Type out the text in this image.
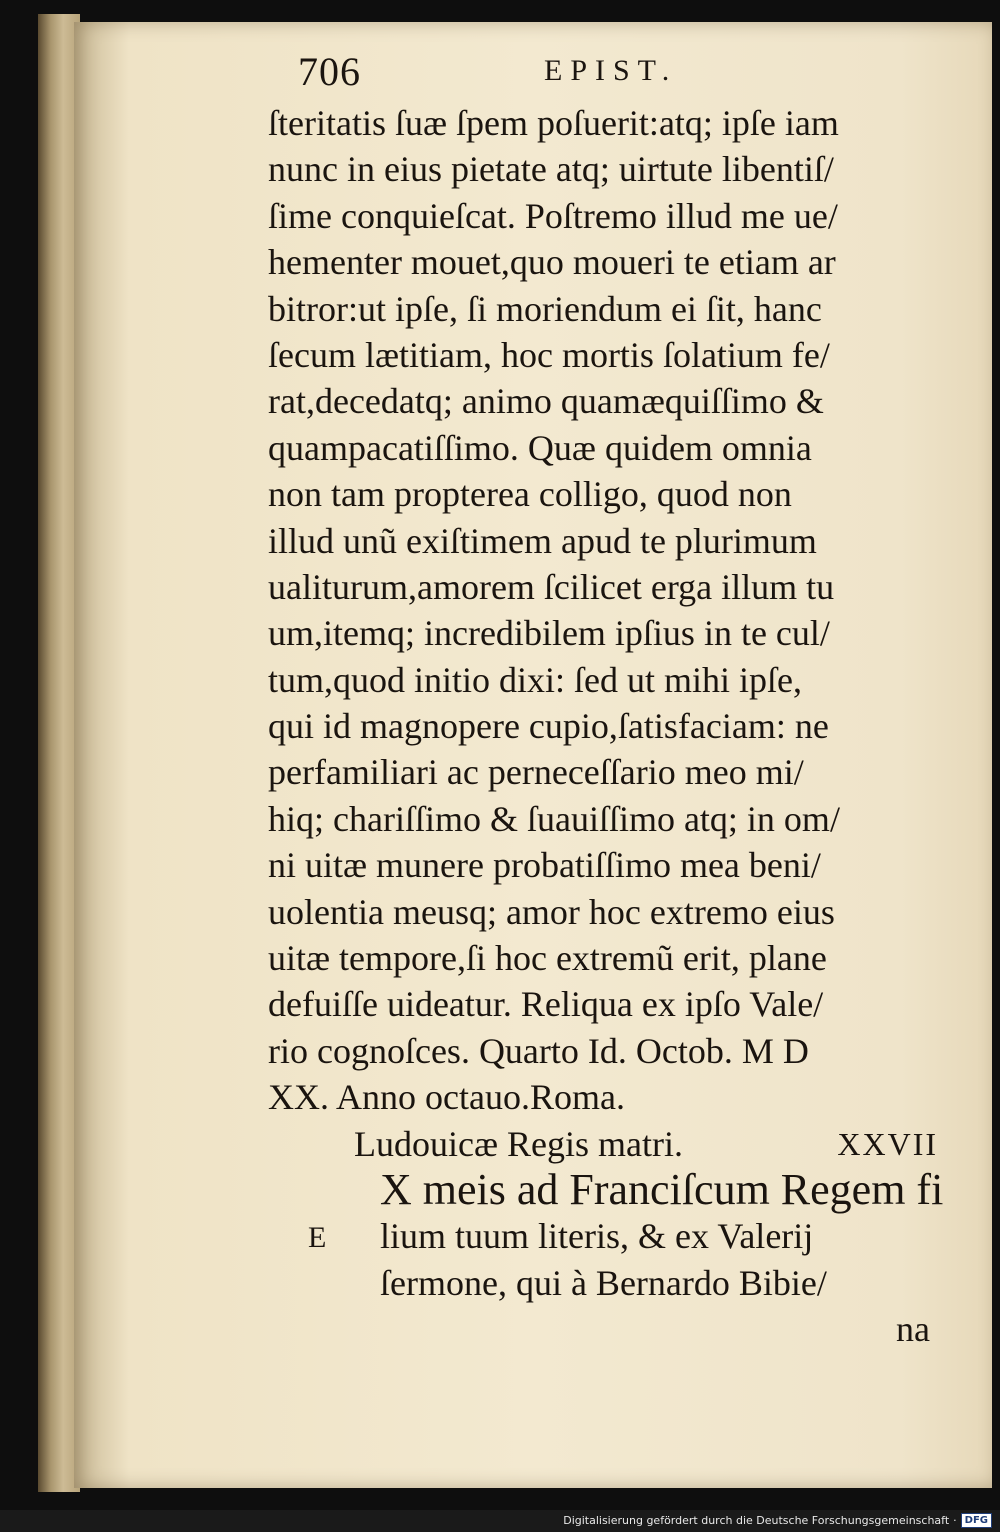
706	EPIST.
ſteritatis ſuæ ſpem poſuerit:atq; ipſe iam
nunc in eius pietate atq; uirtute libentiſ/
ſime conquieſcat. Poſtremo illud me ue/
hementer mouet,quo moueri te etiam ar
bitror:ut ipſe, ſi moriendum ei ſit, hanc
ſecum lætitiam, hoc mortis ſolatium fe/
rat,decedatq; animo quamæquiſſimo &
quampacatiſſimo. Quæ quidem omnia
non tam propterea colligo, quod non
illud unũ exiſtimem apud te plurimum
ualiturum,amorem ſcilicet erga illum tu
um,itemq; incredibilem ipſius in te cul/
tum,quod initio dixi: ſed ut mihi ipſe,
qui id magnopere cupio,ſatisfaciam: ne
perfamiliari ac perneceſſario meo mi/
hiq; chariſſimo & ſuauiſſimo atq; in om/
ni uitæ munere probatiſſimo mea beni/
uolentia meusq; amor hoc extremo eius
uitæ tempore,ſi hoc extremũ erit, plane
defuiſſe uideatur. Reliqua ex ipſo Vale/
rio cognoſces. Quarto Id. Octob. M D
XX. Anno octauo.Roma.
Ludouicæ Regis matri.	XXVII
X meis ad Franciſcum Regem fi
E lium tuum literis, & ex Valerij
ſermone, qui à Bernardo Bibie/
na
Digitalisierung gefördert durch die Deutsche Forschungsgemeinschaft · DFG
